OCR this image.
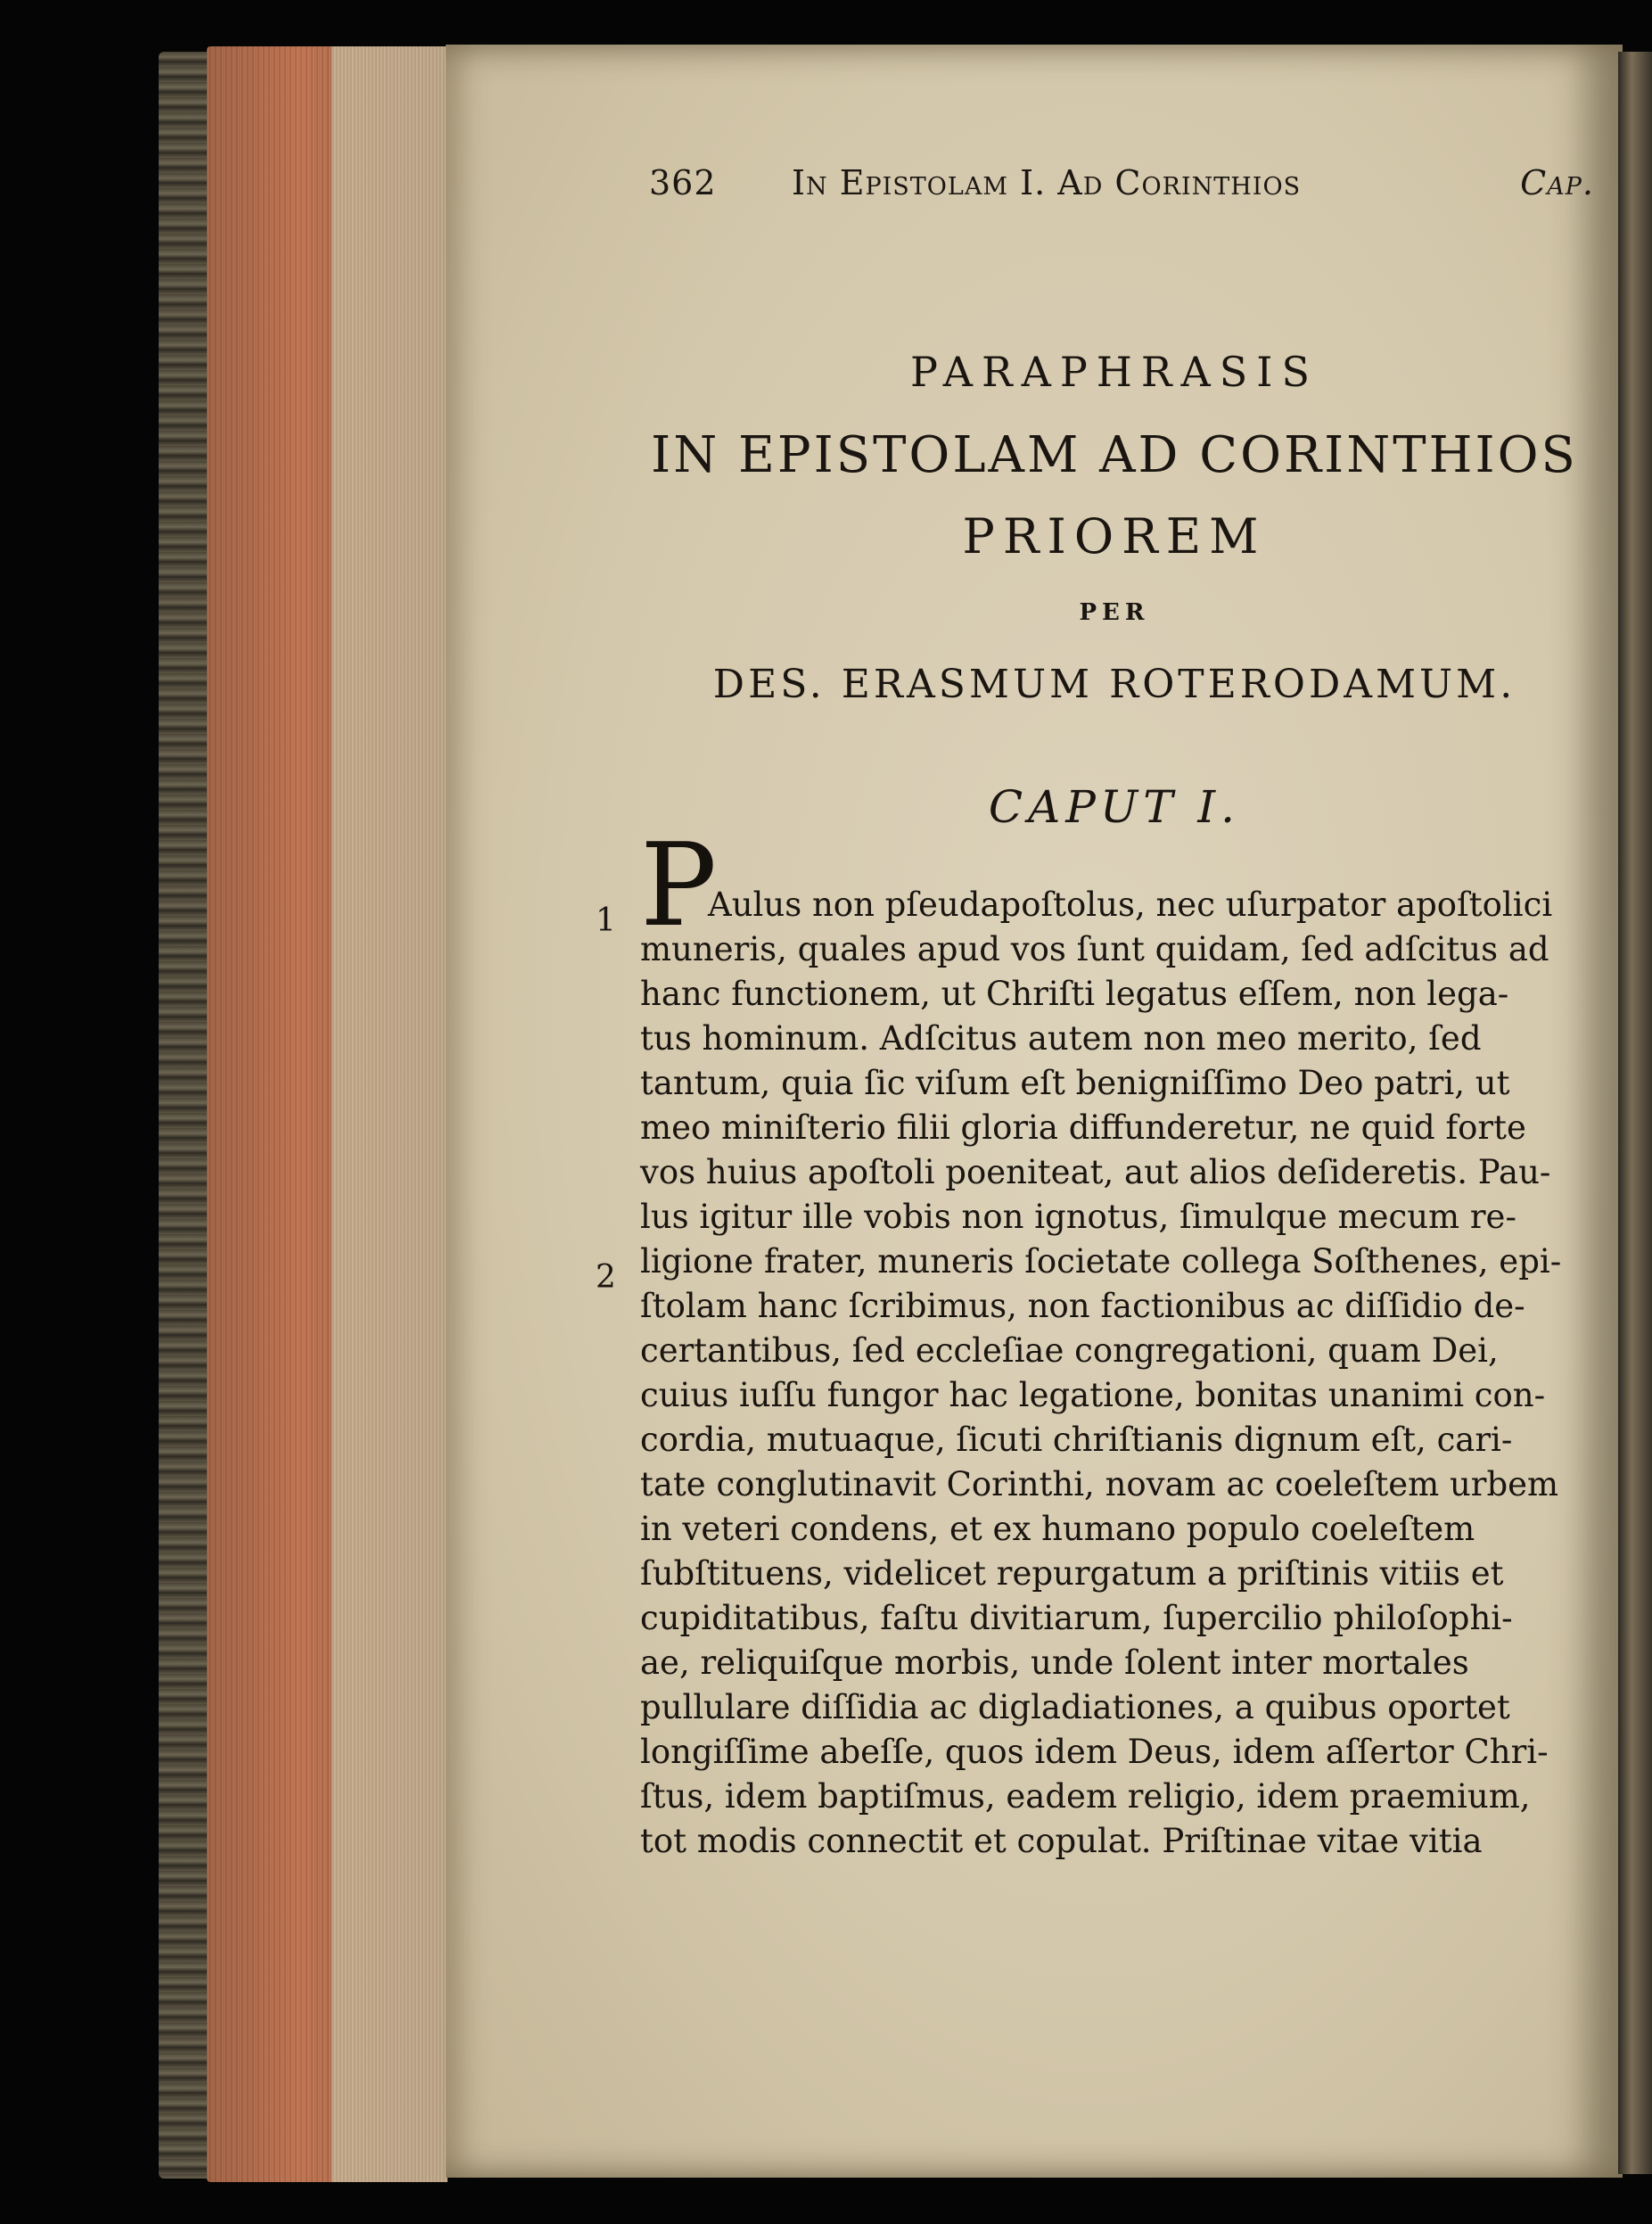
362 In Epistolam I. Ad Corinthios	Cap.
PARAPHRASIS
IN EPISTOLAM AD CORINTHIOS
PRIOREM
PER
DES. ERASMUM ROTERODAMUM.
CAPUT I.
P
1
2
Aulus non pſeudapoſtolus, nec uſurpator apoſtolici
muneris, quales apud vos ſunt quidam, ſed adſcitus ad
hanc functionem, ut Chriſti legatus eſſem, non lega-
tus hominum. Adſcitus autem non meo merito, ſed
tantum, quia ſic viſum eſt benigniſſimo Deo patri, ut
meo miniſterio filii gloria diffunderetur, ne quid forte
vos huius apoſtoli poeniteat, aut alios deſideretis. Pau-
lus igitur ille vobis non ignotus, ſimulque mecum re-
ligione frater, muneris ſocietate collega Soſthenes, epi-
ſtolam hanc ſcribimus, non factionibus ac diſſidio de-
certantibus, ſed eccleſiae congregationi, quam Dei,
cuius iuſſu fungor hac legatione, bonitas unanimi con-
cordia, mutuaque, ſicuti chriſtianis dignum eſt, cari-
tate conglutinavit Corinthi, novam ac coeleſtem urbem
in veteri condens, et ex humano populo coeleſtem
ſubſtituens, videlicet repurgatum a priſtinis vitiis et
cupiditatibus, faſtu divitiarum, ſupercilio philoſophi-
ae, reliquiſque morbis, unde ſolent inter mortales
pullulare diſſidia ac digladiationes, a quibus oportet
longiſſime abeſſe, quos idem Deus, idem aſſertor Chri-
ſtus, idem baptiſmus, eadem religio, idem praemium,
tot modis connectit et copulat. Priſtinae vitae vitia
